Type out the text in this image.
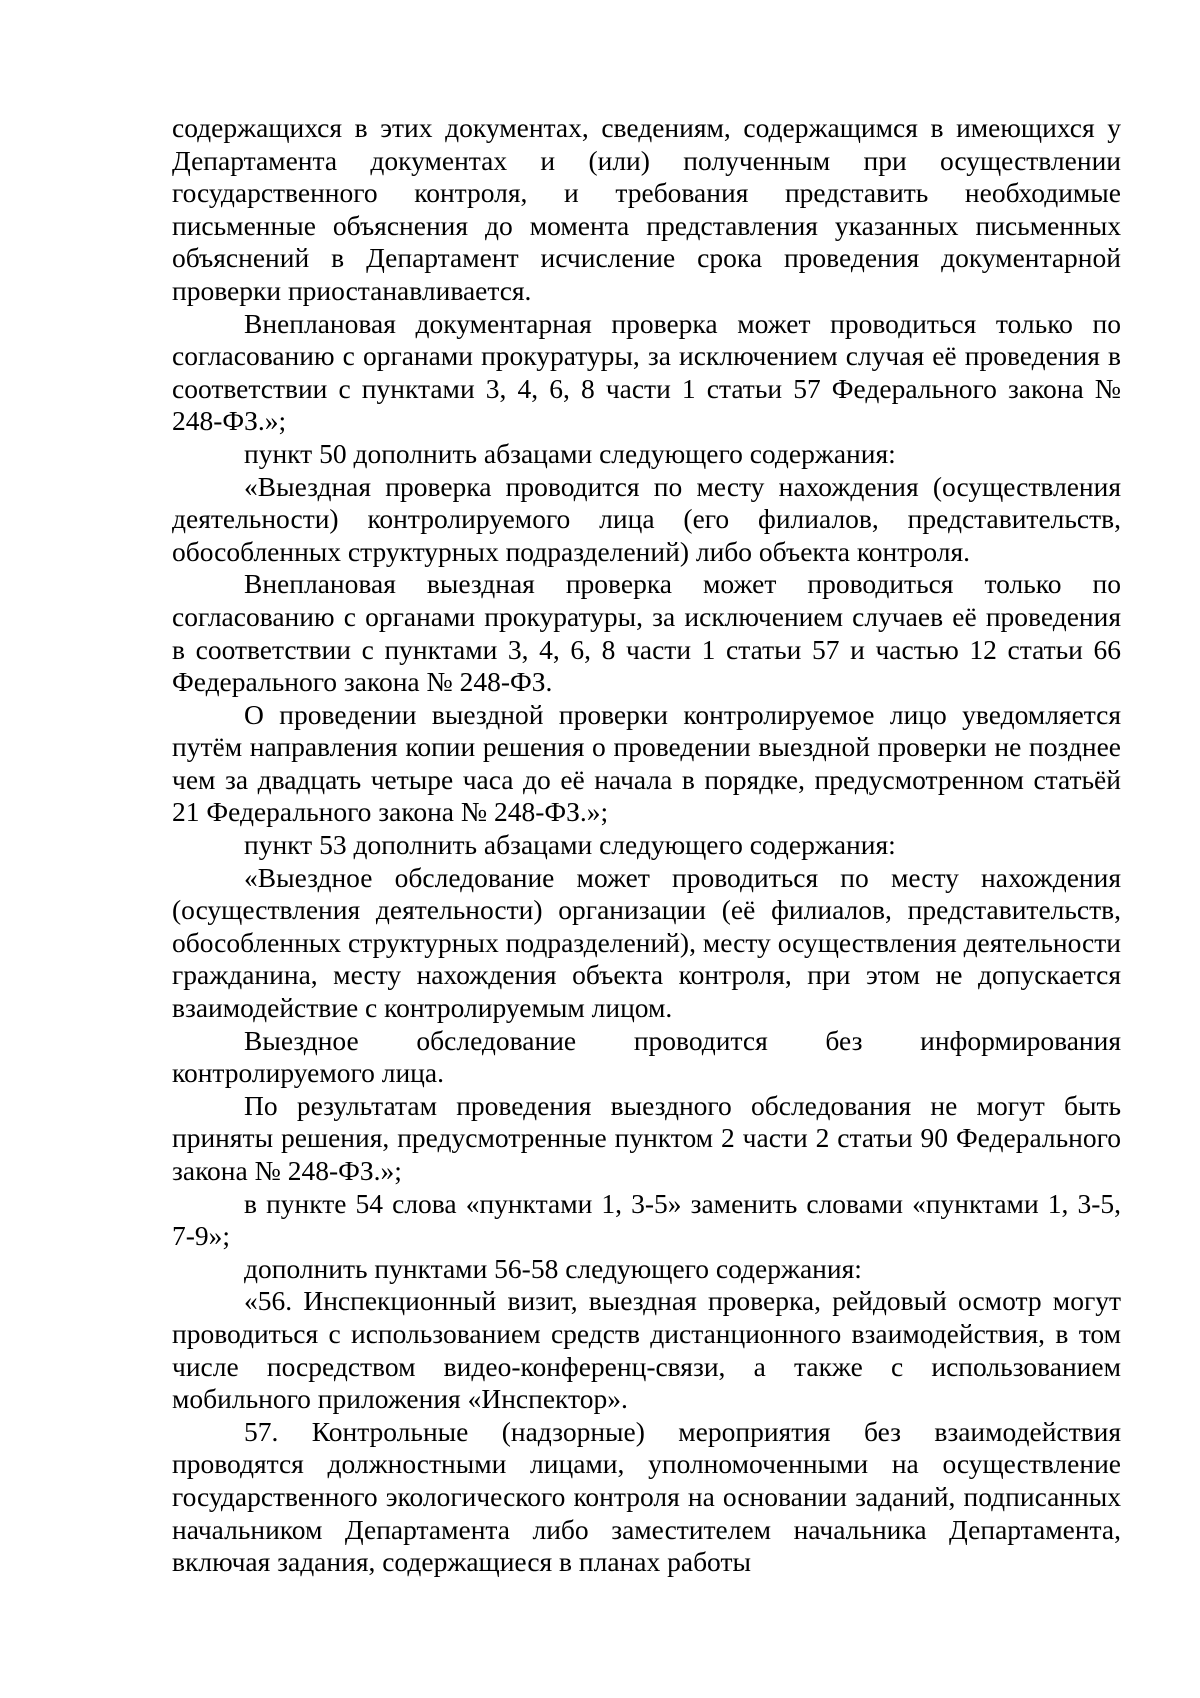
содержащихся в этих документах, сведениям, содержащимся в имеющихся у Департамента документах и (или) полученным при осуществлении государственного контроля, и требования представить необходимые письменные объяснения до момента представления указанных письменных объяснений в Департамент исчисление срока проведения документарной проверки приостанавливается.

Внеплановая документарная проверка может проводиться только по согласованию с органами прокуратуры, за исключением случая её проведения в соответствии с пунктами 3, 4, 6, 8 части 1 статьи 57 Федерального закона № 248-ФЗ.»;

пункт 50 дополнить абзацами следующего содержания:

«Выездная проверка проводится по месту нахождения (осуществления деятельности) контролируемого лица (его филиалов, представительств, обособленных структурных подразделений) либо объекта контроля.

Внеплановая выездная проверка может проводиться только по согласованию с органами прокуратуры, за исключением случаев её проведения в соответствии с пунктами 3, 4, 6, 8 части 1 статьи 57 и частью 12 статьи 66 Федерального закона № 248-ФЗ.

О проведении выездной проверки контролируемое лицо уведомляется путём направления копии решения о проведении выездной проверки не позднее чем за двадцать четыре часа до её начала в порядке, предусмотренном статьёй 21 Федерального закона № 248-ФЗ.»;

пункт 53 дополнить абзацами следующего содержания:

«Выездное обследование может проводиться по месту нахождения (осуществления деятельности) организации (её филиалов, представительств, обособленных структурных подразделений), месту осуществления деятельности гражданина, месту нахождения объекта контроля, при этом не допускается взаимодействие с контролируемым лицом.

Выездное обследование проводится без информирования контролируемого лица.

По результатам проведения выездного обследования не могут быть приняты решения, предусмотренные пунктом 2 части 2 статьи 90 Федерального закона № 248-ФЗ.»;

в пункте 54 слова «пунктами 1, 3-5» заменить словами «пунктами 1, 3-5, 7-9»;

дополнить пунктами 56-58 следующего содержания:

«56. Инспекционный визит, выездная проверка, рейдовый осмотр могут проводиться с использованием средств дистанционного взаимодействия, в том числе посредством видео-конференц-связи, а также с использованием мобильного приложения «Инспектор».

57. Контрольные (надзорные) мероприятия без взаимодействия проводятся должностными лицами, уполномоченными на осуществление государственного экологического контроля на основании заданий, подписанных начальником Департамента либо заместителем начальника Департамента, включая задания, содержащиеся в планах работы
